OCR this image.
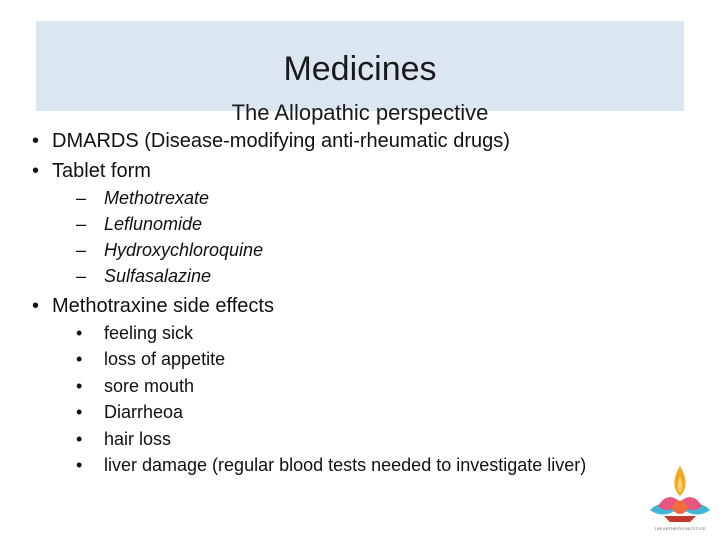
Medicines
The Allopathic perspective
• DMARDS (Disease-modifying anti-rheumatic drugs)
• Tablet form
– Methotrexate
– Leflunomide
– Hydroxychloroquine
– Sulfasalazine
• Methotraxine side effects
• feeling sick
• loss of appetite
• sore mouth
• Diarrheoa
• hair loss
• liver damage (regular blood tests needed to investigate liver)
THE ARTHRITIS INSTITUTE
